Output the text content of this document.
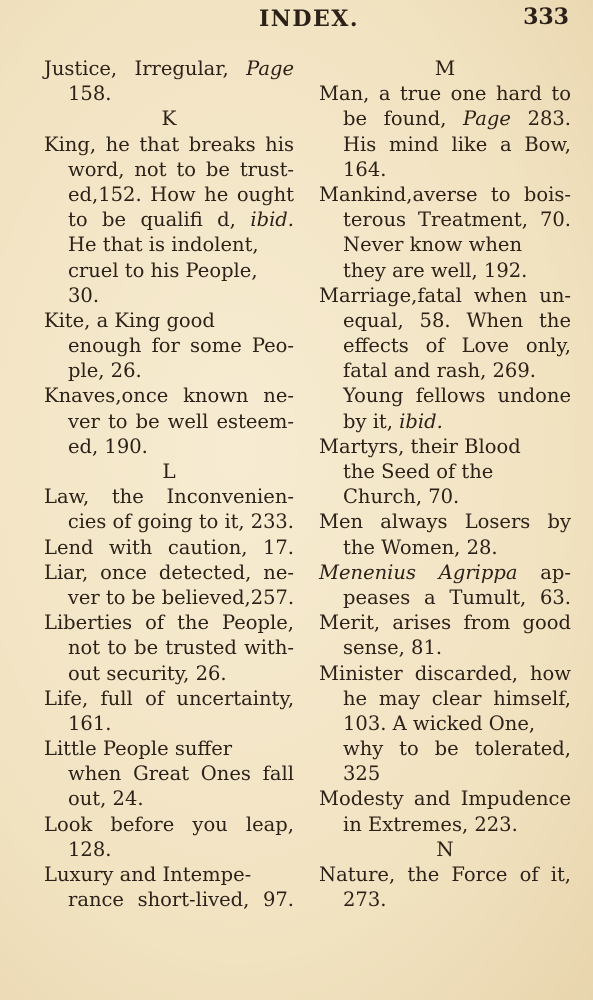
INDEX.	333
Justice, Irregular, Page
158.
K
King, he that breaks his
word, not to be trust-
ed,152. How he ought
to be qualifi d, ibid.
He that is indolent,
cruel to his People,
30.
Kite, a King good
enough for some Peo-
ple, 26.
Knaves,once known ne-
ver to be well esteem-
ed, 190.
L
Law, the Inconvenien-
cies of going to it, 233.
Lend with caution, 17.
Liar, once detected, ne-
ver to be believed,257.
Liberties of the People,
not to be trusted with-
out security, 26.
Life, full of uncertainty,
161.
Little People suffer
when Great Ones fall
out, 24.
Look before you leap,
128.
Luxury and Intempe-
rance short-lived, 97.
M
Man, a true one hard to
be found, Page 283.
His mind like a Bow,
164.
Mankind,averse to bois-
terous Treatment, 70.
Never know when
they are well, 192.
Marriage,fatal when un-
equal, 58. When the
effects of Love only,
fatal and rash, 269.
Young fellows undone
by it, ibid.
Martyrs, their Blood
the Seed of the
Church, 70.
Men always Losers by
the Women, 28.
Menenius Agrippa ap-
peases a Tumult, 63.
Merit, arises from good
sense, 81.
Minister discarded, how
he may clear himself,
103. A wicked One,
why to be tolerated,
325
Modesty and Impudence
in Extremes, 223.
N
Nature, the Force of it,
273.
